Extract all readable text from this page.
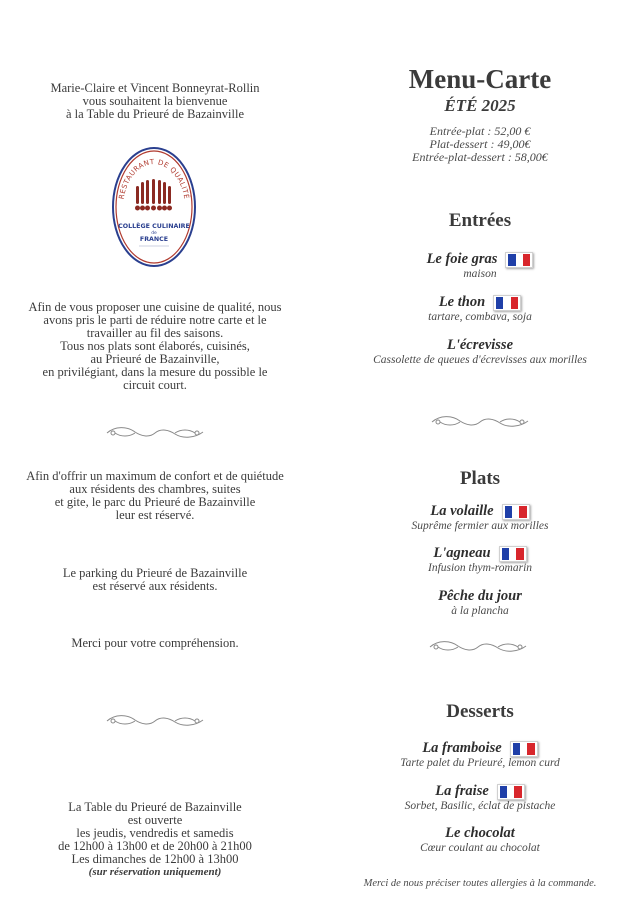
Marie-Claire et Vincent Bonneyrat-Rollin
vous souhaitent la bienvenue
à la Table du Prieuré de Bazainville
RESTAURANT DE QUALITÉ
COLLÈGE CULINAIRE
de
FRANCE
Afin de vous proposer une cuisine de qualité, nous
avons pris le parti de réduire notre carte et le
travailler au fil des saisons.
Tous nos plats sont élaborés, cuisinés,
au Prieuré de Bazainville,
en privilégiant, dans la mesure du possible le
circuit court.
Afin d'offrir un maximum de confort et de quiétude
aux résidents des chambres, suites
et gite, le parc du Prieuré de Bazainville
leur est réservé.
Le parking du Prieuré de Bazainville
est réservé aux résidents.
Merci pour votre compréhension.
La Table du Prieuré de Bazainville
est ouverte
les jeudis, vendredis et samedis
de 12h00 à 13h00 et de 20h00 à 21h00
Les dimanches de 12h00 à 13h00
(sur réservation uniquement)
Menu-Carte
ÉTÉ 2025
Entrée-plat : 52,00 €
Plat-dessert : 49,00€
Entrée-plat-dessert : 58,00€
Entrées
Le foie gras
maison
Le thon
tartare, combava, soja
L'écrevisse
Cassolette de queues d'écrevisses aux morilles
Plats
La volaille
Suprême fermier aux morilles
L'agneau
Infusion thym-romarin
Pêche du jour
à la plancha
Desserts
La framboise
Tarte palet du Prieuré, lemon curd
La fraise
Sorbet, Basilic, éclat de pistache
Le chocolat
Cœur coulant au chocolat
Merci de nous préciser toutes allergies à la commande.
